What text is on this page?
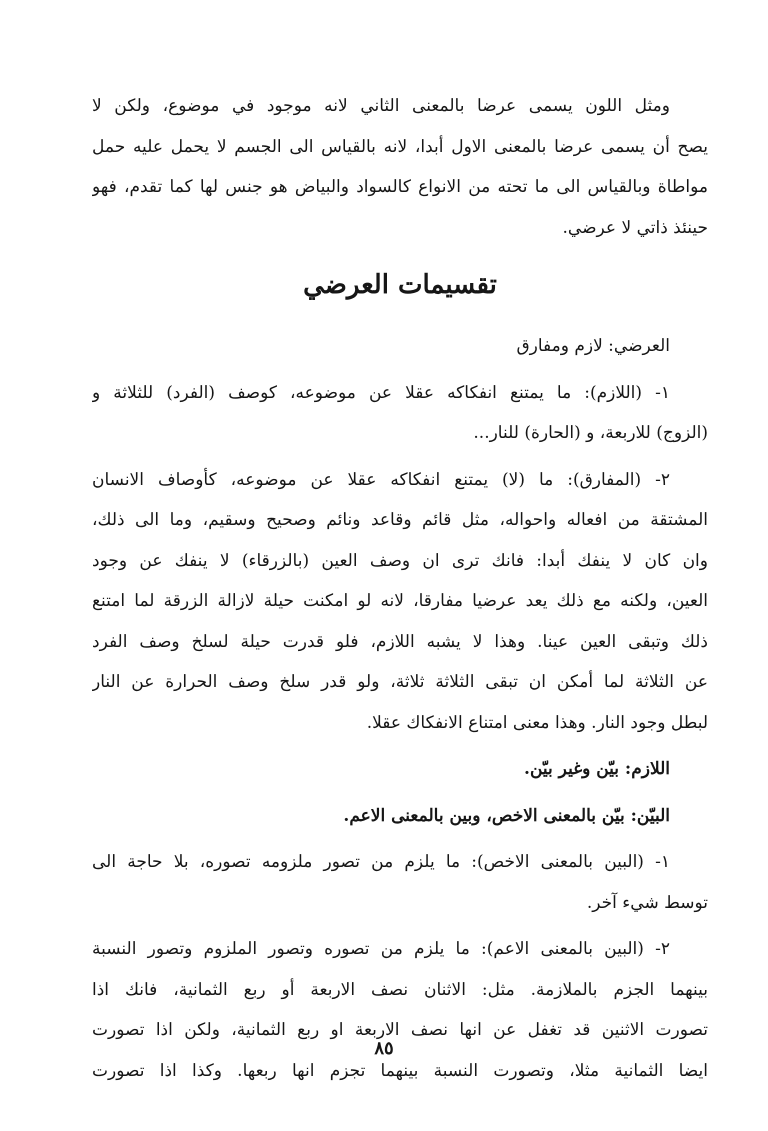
ومثل اللون يسمى عرضا بالمعنى الثاني لانه موجود في موضوع، ولكن لا
يصح أن يسمى عرضا بالمعنى الاول أبدا، لانه بالقياس الى الجسم لا يحمل عليه حمل
مواطاة وبالقياس الى ما تحته من الانواع كالسواد والبياض هو جنس لها كما تقدم، فهو
حينئذ ذاتي لا عرضي.
تقسيمات العرضي
العرضي: لازم ومفارق
١- (اللازم): ما يمتنع انفكاكه عقلا عن موضوعه، كوصف (الفرد) للثلاثة و
(الزوج) للاربعة، و (الحارة) للنار...
٢- (المفارق): ما (لا) يمتنع انفكاكه عقلا عن موضوعه، كأوصاف الانسان
المشتقة من افعاله واحواله، مثل قائم وقاعد ونائم وصحيح وسقيم، وما الى ذلك،
وان كان لا ينفك أبدا: فانك ترى ان وصف العين (بالزرقاء) لا ينفك عن وجود
العين، ولكنه مع ذلك يعد عرضيا مفارقا، لانه لو امكنت حيلة لازالة الزرقة لما امتنع
ذلك وتبقى العين عينا. وهذا لا يشبه اللازم، فلو قدرت حيلة لسلخ وصف الفرد
عن الثلاثة لما أمكن ان تبقى الثلاثة ثلاثة، ولو قدر سلخ وصف الحرارة عن النار
لبطل وجود النار. وهذا معنى امتناع الانفكاك عقلا.
اللازم: بيّن وغير بيّن.
البيّن: بيّن بالمعنى الاخص، وبين بالمعنى الاعم.
١- (البين بالمعنى الاخص): ما يلزم من تصور ملزومه تصوره، بلا حاجة الى
توسط شيء آخر.
٢- (البين بالمعنى الاعم): ما يلزم من تصوره وتصور الملزوم وتصور النسبة
بينهما الجزم بالملازمة. مثل: الاثنان نصف الاربعة أو ربع الثمانية، فانك اذا
تصورت الاثنين قد تغفل عن انها نصف الاربعة او ربع الثمانية، ولكن اذا تصورت
ايضا الثمانية مثلا، وتصورت النسبة بينهما تجزم انها ربعها. وكذا اذا تصورت
٨٥
